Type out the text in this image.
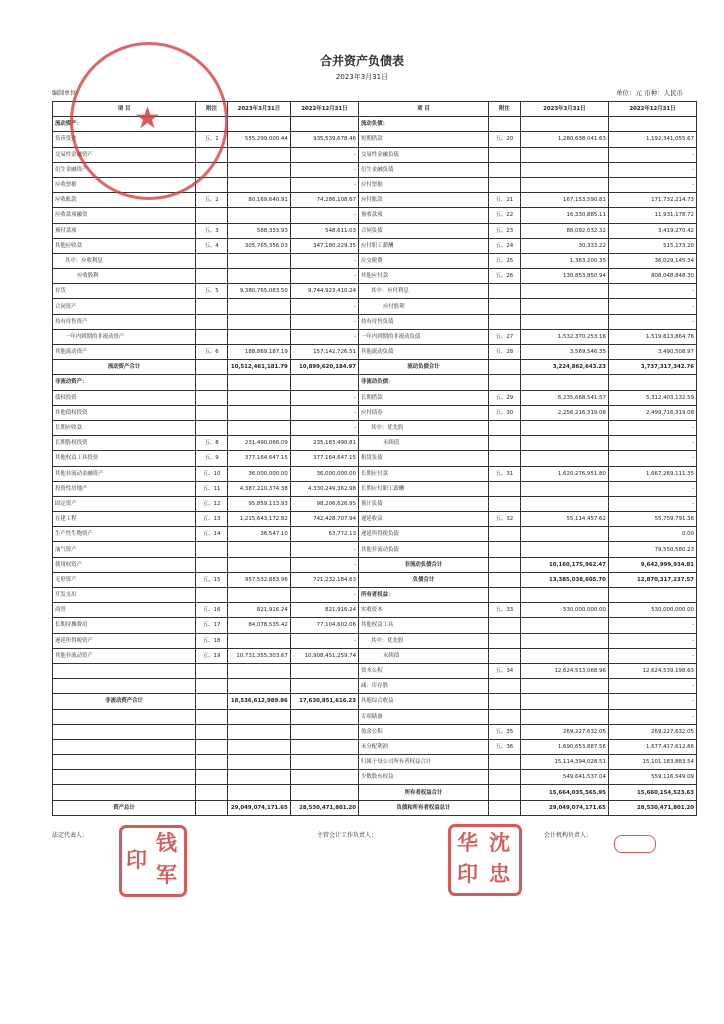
合并资产负债表
2023年3月31日
编制单位：	单位：元 币种：人民币
项 目	附注	2023年3月31日	2022年12月31日	项 目	附注	2023年3月31日	2022年12月31日
流动资产：				流动负债：			
货币资金	五、1	555,299,000.44	935,539,678.46	短期借款	五、20	1,280,638,041.63	1,192,341,055.67
交易性金融资产			-	交易性金融负债			-
衍生金融资产			-	衍生金融负债			-
应收票据			-	应付票据			-
应收账款	五、2	80,169,640.91	74,286,108.67	应付账款	五、21	167,153,590.81	171,732,214.73
应收款项融资			-	预收款项	五、22	16,330,885.11	11,931,178.72
预付款项	五、3	588,333.93	548,611.03	合同负债	五、23	88,092,032.32	3,419,270.42
其他应收款	五、4	305,765,356.03	347,180,229.35	应付职工薪酬	五、24	30,333.22	515,173.20
其中：应收利息			-	应交税费	五、25	1,363,200.35	36,029,145.34
应收股利			-	其他应付款	五、26	130,853,850.94	808,048,848.30
存货	五、5	9,380,765,083.50	9,744,923,410.24	其中：应付利息			-
合同资产			-	应付股利			-
持有待售资产			-	持有待售负债			-
一年内到期的非流动资产			-	一年内到期的非流动负债	五、27	1,532,370,253.16	1,519,613,864.76
其他流动资产	五、6	188,869,187.19	157,142,726.51	其他流动负债	五、28	3,569,546.35	3,490,508.97
流动资产合计		10,512,461,181.79	10,899,620,184.97	流动负债合计		3,224,862,643.23	3,737,317,342.76
非流动资产：				非流动负债：			
债权投资			-	长期借款	五、29	6,235,668,541.57	5,312,403,132.59
其他债权投资			-	应付债券	五、30	2,256,216,319.08	2,499,716,319.08
长期应收款			-	其中：优先股			-
长期股权投资	五、8	231,490,066.09	235,183,490.81	永续债			-
其他权益工具投资	五、9	377,164,647.15	377,164,647.15	租赁负债			-
其他非流动金融资产	五、10	36,000,000.00	36,000,000.00	长期应付款	五、31	1,620,276,951.80	1,667,269,111.35
投资性房地产	五、11	4,387,210,374.38	4,330,249,362.98	长期应付职工薪酬			-
固定资产	五、12	95,859,113.93	98,206,626.95	预计负债			-
在建工程	五、13	1,215,643,172.82	742,428,707.94	递延收益	五、32	55,114,457.62	55,759,791.36
生产性生物资产	五、14	36,547.10	63,772.13	递延所得税负债			0.00
油气资产			-	其他非流动负债			79,550,580.23
使用权资产			-	非流动负债合计		10,160,175,962.47	9,642,999,934.81
无形资产	五、15	957,532,883.96	721,232,184.63	负债合计		13,385,038,605.70	12,870,317,237.57
开发支出			-	所有者权益：			
商誉	五、16	821,916.24	821,916.24	实收资本	五、33	530,000,000.00	530,000,000.00
长期待摊费用	五、17	84,078,535.42	77,104,602.06	其他权益工具			-
递延所得税资产	五、18		-	其中：优先股			-
其他非流动资产	五、19	10,731,355,303.67	10,908,451,259.74	永续债			-
				资本公积	五、34	12,624,513,068.96	12,624,539,198.63
				减：库存股			-
非流动资产合计		18,536,612,989.86	17,630,851,616.23	其他综合收益			-
				专项储备			-
				盈余公积	五、35	269,227,632.05	269,227,632.05
				未分配利润	五、36	1,690,653,887.56	1,677,417,612.86
				归属于母公司所有者权益合计		15,114,394,028.51	15,101,183,883.54
				少数股东权益		549,641,537.04	559,116,549.09
				所有者权益合计		15,664,035,565.95	15,660,154,523.63
资产总计		29,049,074,171.65	28,530,471,801.20	负债和所有者权益总计		29,049,074,171.65	28,530,471,801.20
★
法定代表人：	主管会计工作负责人：	会计机构负责人：
钱
印
军
华 沈
印 忠
